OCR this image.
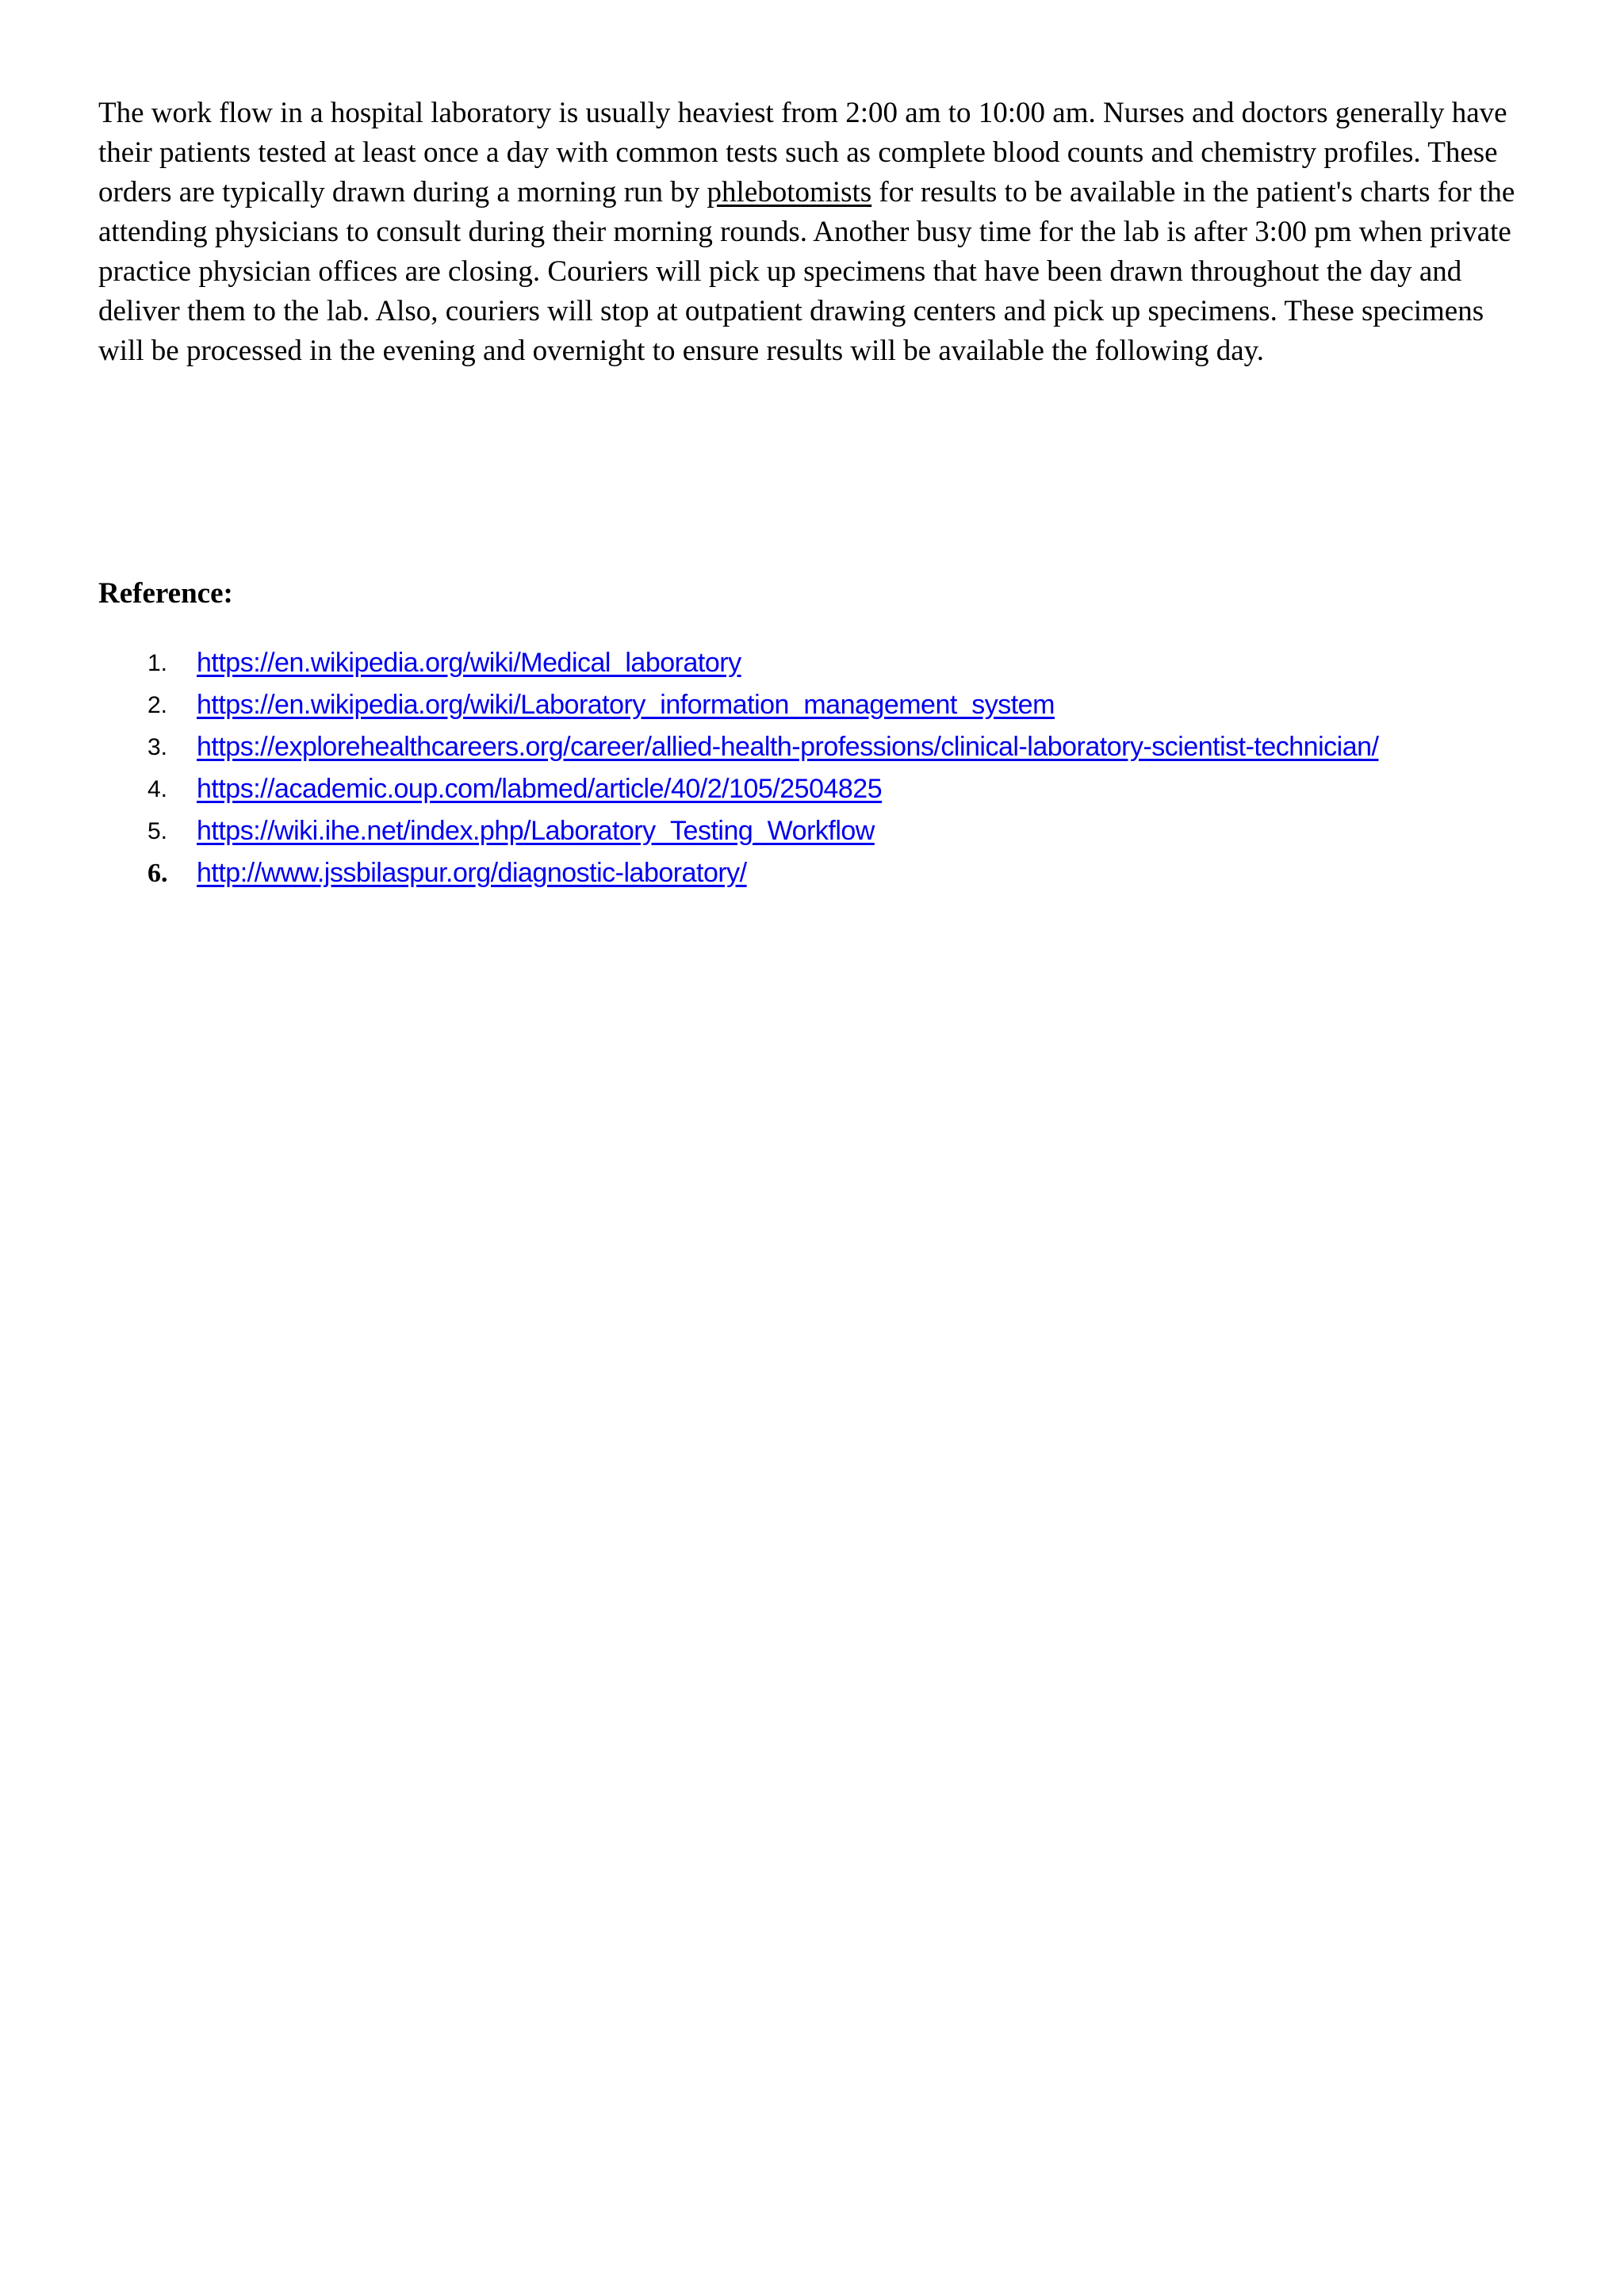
The work flow in a hospital laboratory is usually heaviest from 2:00 am to 10:00 am. Nurses and doctors generally have their patients tested at least once a day with common tests such as complete blood counts and chemistry profiles. These orders are typically drawn during a morning run by phlebotomists for results to be available in the patient's charts for the attending physicians to consult during their morning rounds. Another busy time for the lab is after 3:00 pm when private practice physician offices are closing. Couriers will pick up specimens that have been drawn throughout the day and deliver them to the lab. Also, couriers will stop at outpatient drawing centers and pick up specimens. These specimens will be processed in the evening and overnight to ensure results will be available the following day.

Reference:
1. https://en.wikipedia.org/wiki/Medical_laboratory
2. https://en.wikipedia.org/wiki/Laboratory_information_management_system
3. https://explorehealthcareers.org/career/allied-health-professions/clinical-laboratory-scientist-technician/
4. https://academic.oup.com/labmed/article/40/2/105/2504825
5. https://wiki.ihe.net/index.php/Laboratory_Testing_Workflow
6. http://www.jssbilaspur.org/diagnostic-laboratory/
